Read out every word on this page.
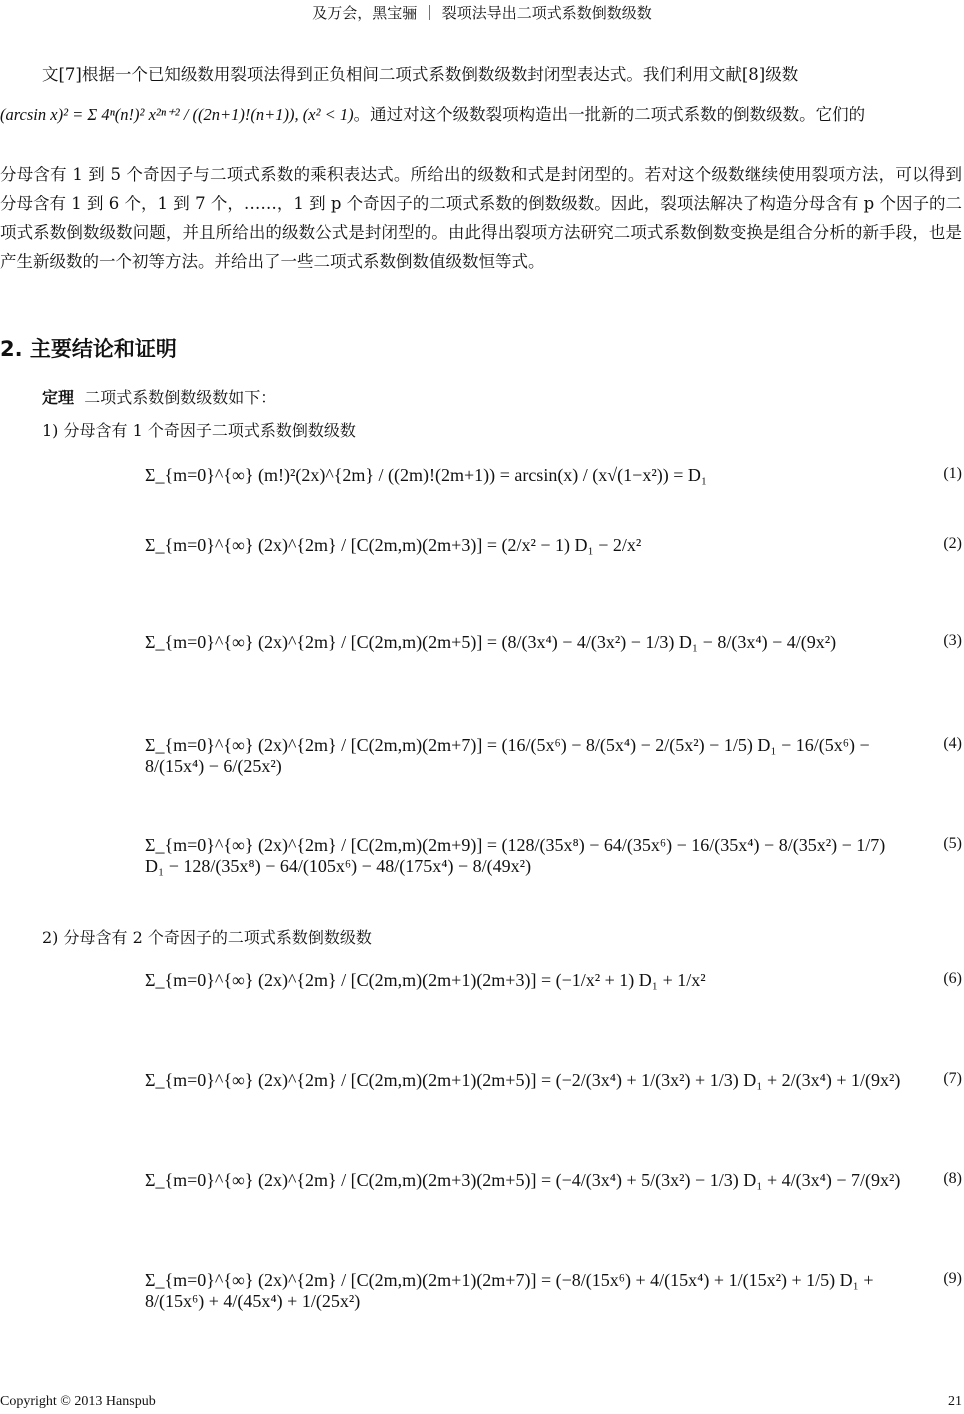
及万会，黑宝骊 ｜ 裂项法导出二项式系数倒数级数
文[7]根据一个已知级数用裂项法得到正负相间二项式系数倒数级数封闭型表达式。我们利用文献[8]级数
(arcsin x)² = Σ 4ⁿ(n!)² x²ⁿ⁺² / ((2n+1)!(n+1)), (x² < 1)。通过对这个级数裂项构造出一批新的二项式系数的倒数级数。它们的
分母含有 1 到 5 个奇因子与二项式系数的乘积表达式。所给出的级数和式是封闭型的。若对这个级数继续使用裂项方法，可以得到分母含有 1 到 6 个，1 到 7 个，……，1 到 p 个奇因子的二项式系数的倒数级数。因此，裂项法解决了构造分母含有 p 个因子的二项式系数倒数级数问题，并且所给出的级数公式是封闭型的。由此得出裂项方法研究二项式系数倒数变换是组合分析的新手段，也是产生新级数的一个初等方法。并给出了一些二项式系数倒数值级数恒等式。
2. 主要结论和证明
定理 二项式系数倒数级数如下：
1) 分母含有 1 个奇因子二项式系数倒数级数
Σ_{m=0}^{∞} (m!)²(2x)^{2m} / ((2m)!(2m+1)) = arcsin(x) / (x√(1−x²)) = D₁	(1)
Σ_{m=0}^{∞} (2x)^{2m} / [C(2m,m)(2m+3)] = (2/x² − 1) D₁ − 2/x²	(2)
Σ_{m=0}^{∞} (2x)^{2m} / [C(2m,m)(2m+5)] = (8/(3x⁴) − 4/(3x²) − 1/3) D₁ − 8/(3x⁴) − 4/(9x²)	(3)
Σ_{m=0}^{∞} (2x)^{2m} / [C(2m,m)(2m+7)] = (16/(5x⁶) − 8/(5x⁴) − 2/(5x²) − 1/5) D₁ − 16/(5x⁶) − 8/(15x⁴) − 6/(25x²)
(4)
Σ_{m=0}^{∞} (2x)^{2m} / [C(2m,m)(2m+9)] = (128/(35x⁸) − 64/(35x⁶) − 16/(35x⁴) − 8/(35x²) − 1/7) D₁ − 128/(35x⁸) − 64/(105x⁶) − 48/(175x⁴) − 8/(49x²)
(5)
Σ_{m=0}^{∞} (2x)^{2m} / [C(2m,m)(2m+1)(2m+3)] = (−1/x² + 1) D₁ + 1/x²	(6)
Σ_{m=0}^{∞} (2x)^{2m} / [C(2m,m)(2m+1)(2m+5)] = (−2/(3x⁴) + 1/(3x²) + 1/3) D₁ + 2/(3x⁴) + 1/(9x²)	(7)
Σ_{m=0}^{∞} (2x)^{2m} / [C(2m,m)(2m+3)(2m+5)] = (−4/(3x⁴) + 5/(3x²) − 1/3) D₁ + 4/(3x⁴) − 7/(9x²)	(8)
Σ_{m=0}^{∞} (2x)^{2m} / [C(2m,m)(2m+1)(2m+7)] = (−8/(15x⁶) + 4/(15x⁴) + 1/(15x²) + 1/5) D₁ + 8/(15x⁶) + 4/(45x⁴) + 1/(25x²)
(9)
2) 分母含有 2 个奇因子的二项式系数倒数级数
Copyright © 2013 Hanspub	21
